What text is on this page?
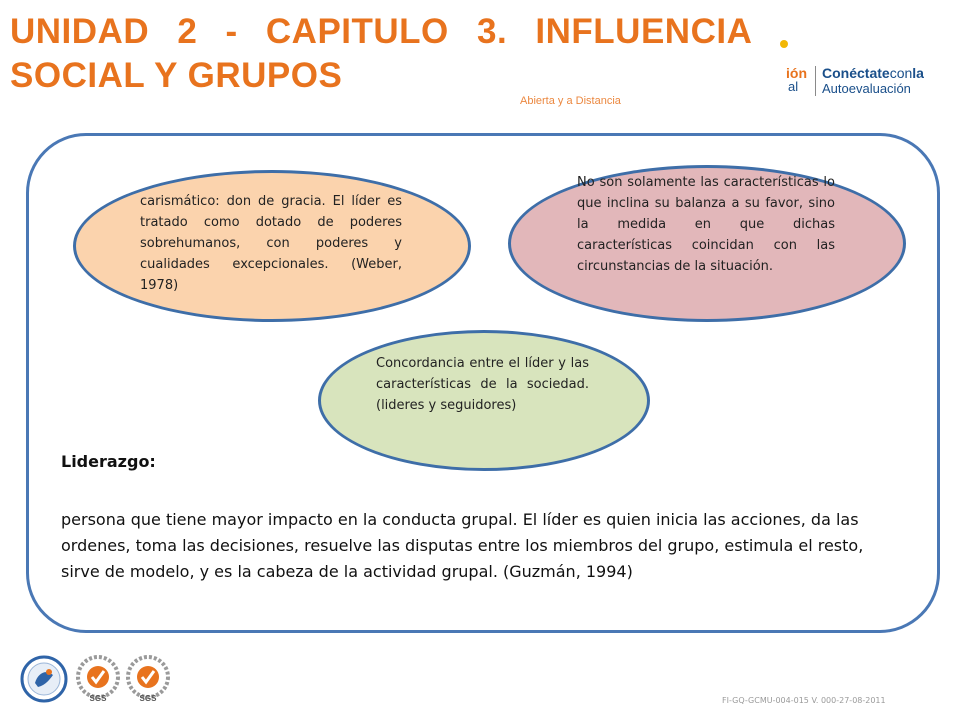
UNIDAD 2 - CAPITULO 3. INFLUENCIA
SOCIAL Y GRUPOS	ión
al
Conéctateconla
Autoevaluación
Abierta y a Distancia
carismático: don de gracia. El líder es tratado como dotado de poderes sobrehumanos, con poderes y cualidades excepcionales. (Weber, 1978)
No son solamente las características lo que inclina su balanza a su favor, sino la medida en que dichas características coincidan con las circunstancias de la situación.
Concordancia entre el líder y las características de la sociedad. (lideres y seguidores)
Liderazgo:
persona que tiene mayor impacto en la conducta grupal. El líder es quien inicia las acciones, da las ordenes, toma las decisiones, resuelve las disputas entre los miembros del grupo, estimula el resto, sirve de modelo, y es la cabeza de la actividad grupal. (Guzmán, 1994)
SGS	SGS	FI-GQ-GCMU-004-015 V. 000-27-08-2011
